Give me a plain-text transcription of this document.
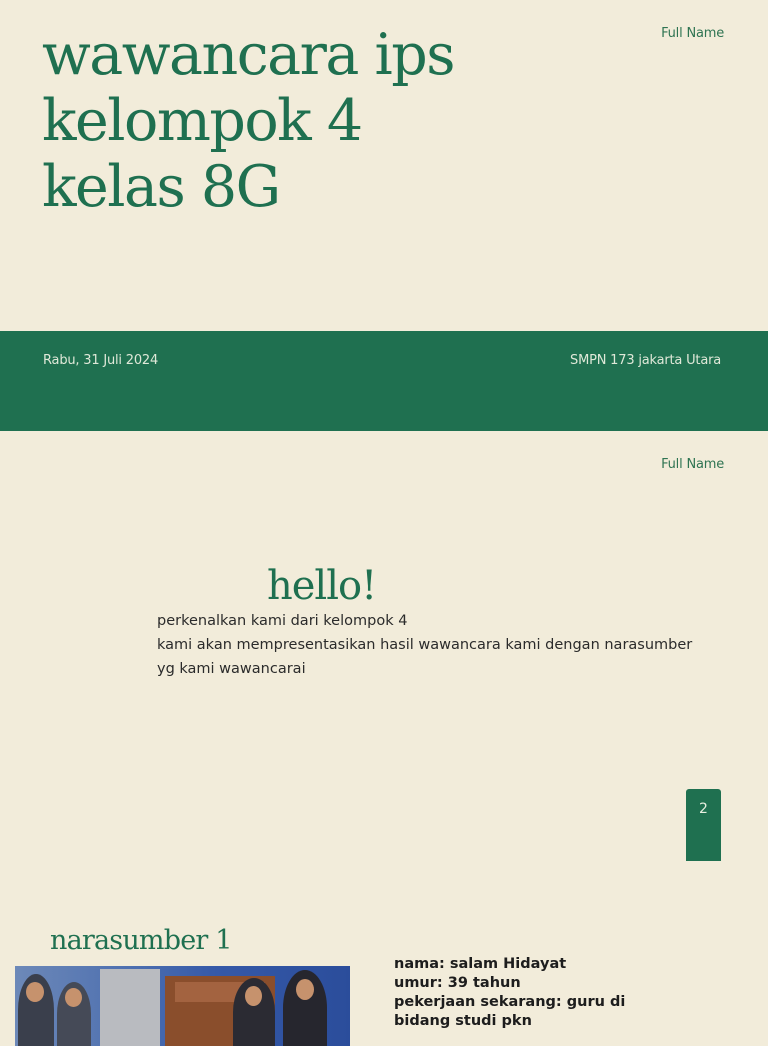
Full Name
wawancara ips
kelompok 4
kelas 8G
Rabu, 31 Juli 2024	SMPN 173 jakarta Utara
Full Name
hello!
perkenalkan kami dari kelompok 4
kami akan mempresentasikan hasil wawancara kami dengan narasumber
yg kami wawancarai
2
narasumber 1
nama: salam Hidayat
umur: 39 tahun
pekerjaan sekarang: guru di
bidang studi pkn
